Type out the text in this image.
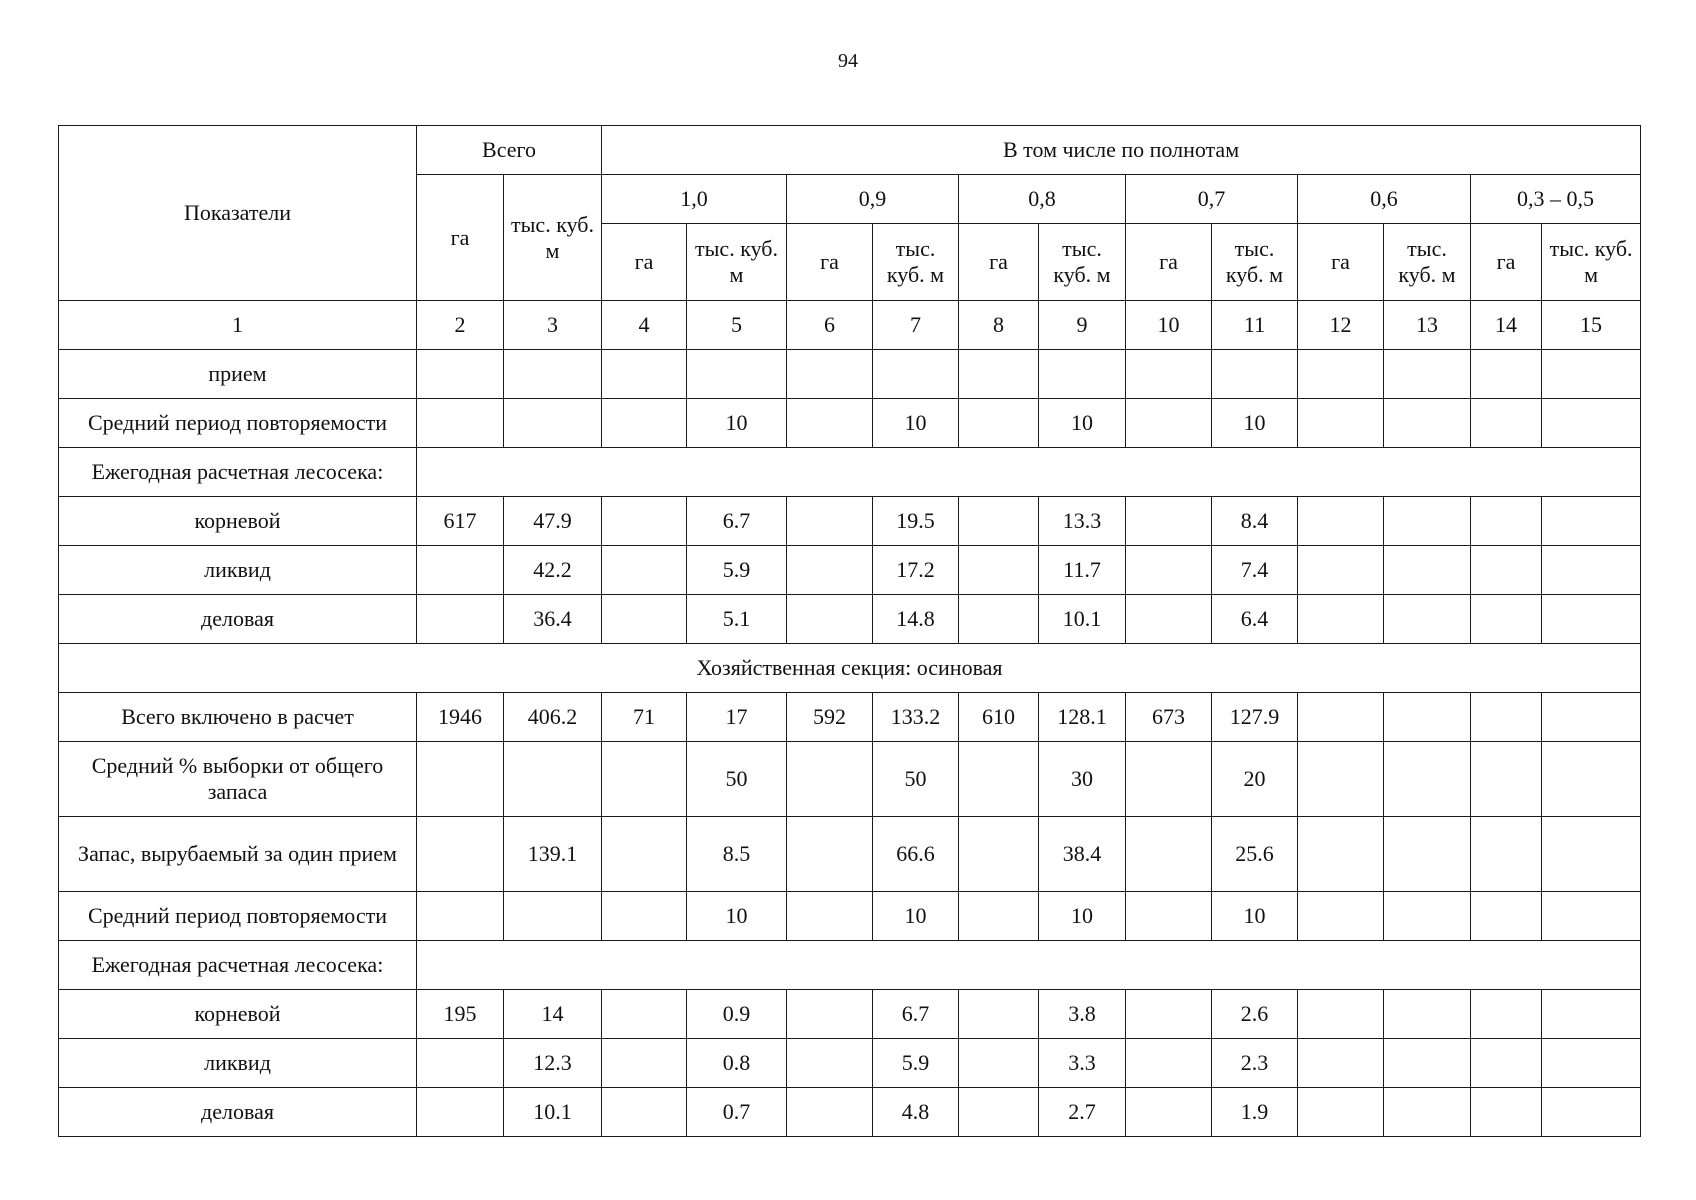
94
Показатели	Всего		В том числе по полнотам											
	га	тыс. куб. м	1,0		0,9		0,8		0,7		0,6		0,3 – 0,5	
			га	тыс. куб. м	га	тыс. куб. м	га	тыс. куб. м	га	тыс. куб. м	га	тыс. куб. м	га	тыс. куб. м
1	2	3	4	5	6	7	8	9	10	11	12	13	14	15
прием														
Средний период повторяемости				10		10		10		10				
Ежегодная расчетная лесосека:														
корневой	617	47.9		6.7		19.5		13.3		8.4				
ликвид		42.2		5.9		17.2		11.7		7.4				
деловая		36.4		5.1		14.8		10.1		6.4				
Хозяйственная секция: осиновая														
Всего включено в расчет	1946	406.2	71	17	592	133.2	610	128.1	673	127.9				
Средний % выборки от общего запаса				50		50		30		20				
Запас, вырубаемый за один прием		139.1		8.5		66.6		38.4		25.6				
Средний период повторяемости				10		10		10		10				
Ежегодная расчетная лесосека:														
корневой	195	14		0.9		6.7		3.8		2.6				
ликвид		12.3		0.8		5.9		3.3		2.3				
деловая		10.1		0.7		4.8		2.7		1.9				
